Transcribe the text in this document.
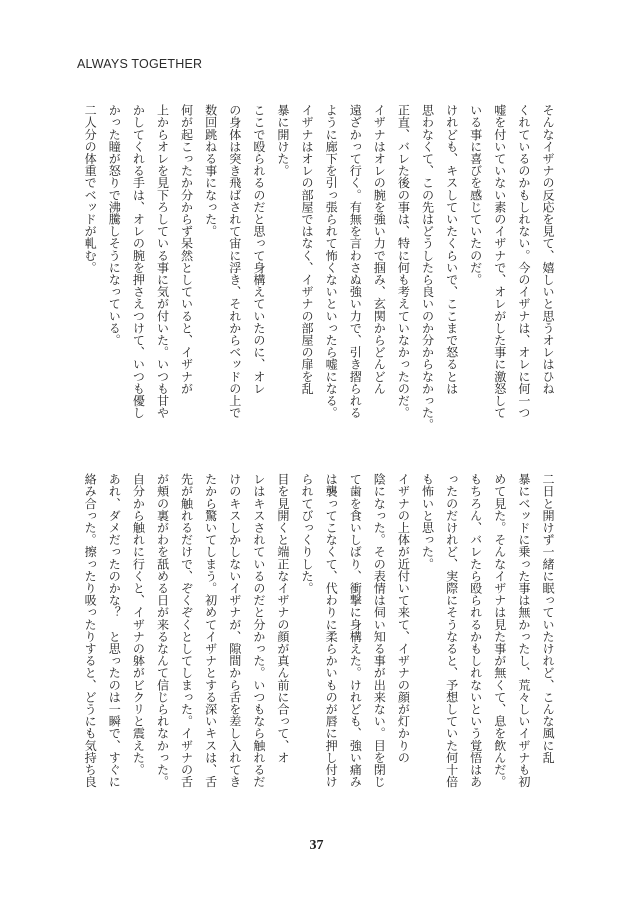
ALWAYS TOGETHER
そんなイザナの反応を見て、嬉しいと思うオレはひね
くれているのかもしれない。今のイザナは、オレに何一つ
嘘を付いていない素のイザナで、オレがした事に激怒して
いる事に喜びを感じていたのだ。
けれども、キスしていたくらいで、ここまで怒るとは
思わなくて、この先はどうしたら良いのか分からなかった。
正直、バレた後の事は、特に何も考えていなかったのだ。
イザナはオレの腕を強い力で掴み、玄関からどんどん
遠ざかって行く。有無を言わさぬ強い力で、引き摺られる
ように廊下を引っ張られて怖くないといったら嘘になる。
イザナはオレの部屋ではなく、イザナの部屋の扉を乱
暴に開けた。
ここで殴られるのだと思って身構えていたのに、オレ
の身体は突き飛ばされて宙に浮き、それからベッドの上で
数回跳ねる事になった。
何が起こったか分からず呆然としていると、イザナが
上からオレを見下ろしている事に気が付いた。いつも甘や
かしてくれる手は、オレの腕を押さえつけて、いつも優し
かった瞳が怒りで沸騰しそうになっている。
二人分の体重でベッドが軋む。
二日と開けず一緒に眠っていたけれど、こんな風に乱
暴にベッドに乗った事は無かったし、荒々しいイザナも初
めて見た。そんなイザナは見た事が無くて、息を飲んだ。
もちろん、バレたら殴られるかもしれないという覚悟はあ
ったのだけれど、実際にそうなると、予想していた何十倍
も怖いと思った。
イザナの上体が近付いて来て、イザナの顔が灯かりの
陰になった。その表情は伺い知る事が出来ない。目を閉じ
て歯を食いしばり、衝撃に身構えた。けれども、強い痛み
は襲ってこなくて、代わりに柔らかいものが唇に押し付け
られてびっくりした。
目を見開くと端正なイザナの顔が真ん前に合って、オ
レはキスされているのだと分かった。いつもなら触れるだ
けのキスしかしないイザナが、隙間から舌を差し入れてき
たから驚いてしまう。初めてイザナとする深いキスは、舌
先が触れるだけで、ぞくぞくとしてしまった。イザナの舌
が頬の裏がわを舐める日が来るなんて信じられなかった。
自分から触れに行くと、イザナの躰がビクリと震えた。
あれ、ダメだったのかな？　と思ったのは一瞬で、すぐに
絡み合った。擦ったり吸ったりすると、どうにも気持ち良
37
